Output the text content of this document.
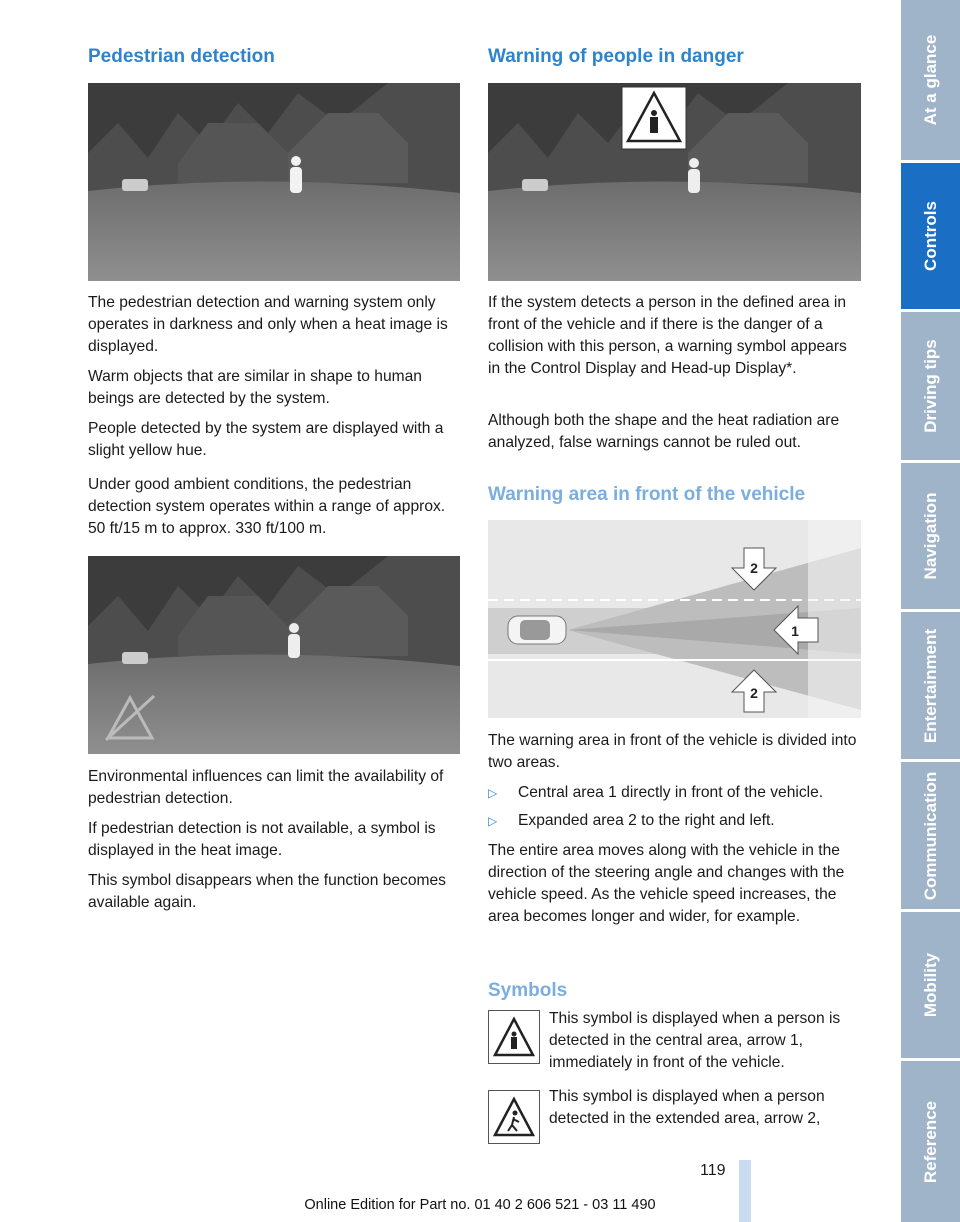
Pedestrian detection

The pedestrian detection and warning system only operates in darkness and only when a heat image is displayed.

Warm objects that are similar in shape to human beings are detected by the system.

People detected by the system are displayed with a slight yellow hue.

Under good ambient conditions, the pedestrian detection system operates within a range of approx. 50 ft/15 m to approx. 330 ft/100 m.

Environmental influences can limit the availability of pedestrian detection.

If pedestrian detection is not available, a symbol is displayed in the heat image.

This symbol disappears when the function becomes available again.

Warning of people in danger

If the system detects a person in the defined area in front of the vehicle and if there is the danger of a collision with this person, a warning symbol appears in the Control Display and Head-up Display*.

Although both the shape and the heat radiation are analyzed, false warnings cannot be ruled out.

Warning area in front of the vehicle
2
1
2

The warning area in front of the vehicle is divided into two areas.

▷ Central area 1 directly in front of the vehicle.
▷ Expanded area 2 to the right and left.

The entire area moves along with the vehicle in the direction of the steering angle and changes with the vehicle speed. As the vehicle speed increases, the area becomes longer and wider, for example.

Symbols

This symbol is displayed when a person is detected in the central area, arrow 1, immediately in front of the vehicle.

This symbol is displayed when a person detected in the extended area, arrow 2,

At a glance
Controls
Driving tips
Navigation
Entertainment
Communication
Mobility
Reference
119
Online Edition for Part no. 01 40 2 606 521 - 03 11 490
